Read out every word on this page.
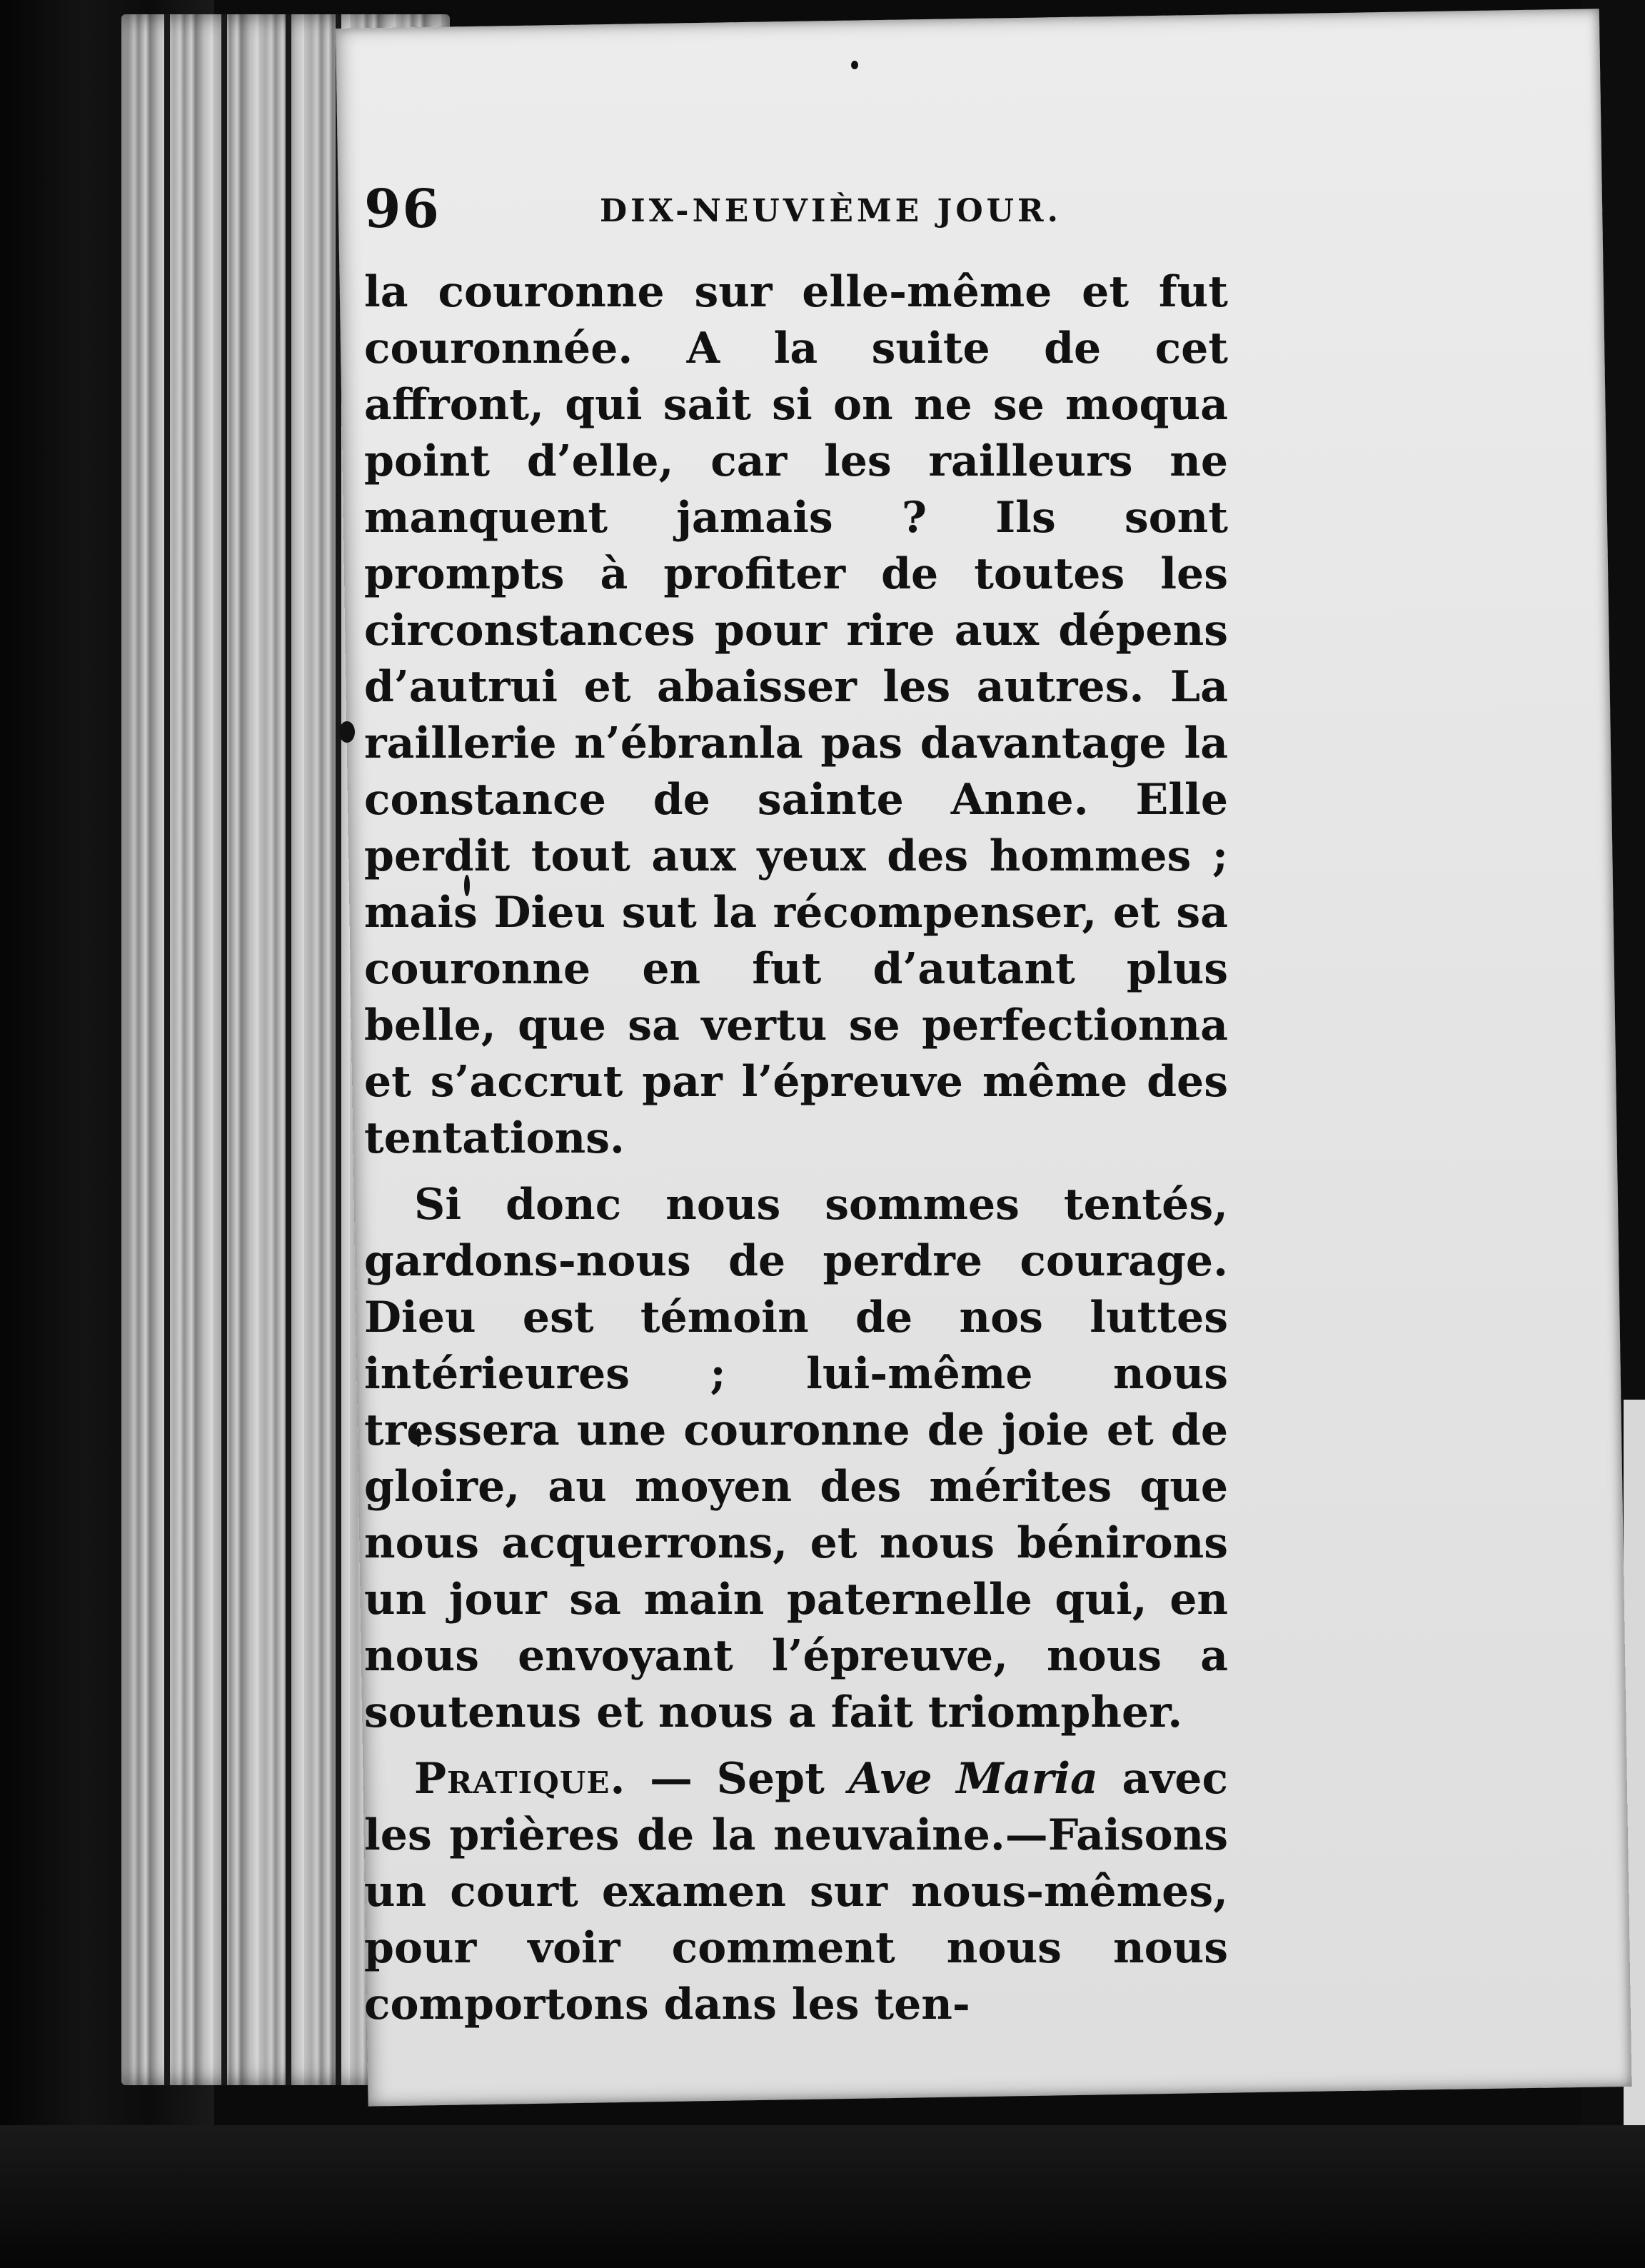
96	DIX-NEUVIÈME JOUR.

la couronne sur elle-même et fut couronnée. A la suite de cet affront, qui sait si on ne se moqua point d’elle, car les railleurs ne manquent jamais ? Ils sont prompts à profiter de toutes les circonstances pour rire aux dépens d’autrui et abaisser les autres. La raillerie n’ébranla pas davantage la constance de sainte Anne. Elle perdit tout aux yeux des hommes ; mais Dieu sut la récompenser, et sa couronne en fut d’autant plus belle, que sa vertu se perfectionna et s’accrut par l’épreuve même des tentations.

Si donc nous sommes tentés, gardons-nous de perdre courage. Dieu est témoin de nos luttes intérieures ; lui-même nous tressera une couronne de joie et de gloire, au moyen des mérites que nous acquerrons, et nous bénirons un jour sa main paternelle qui, en nous envoyant l’épreuve, nous a soutenus et nous a fait triompher.

Pratique. — Sept Ave Maria avec les prières de la neuvaine.—Faisons un court examen sur nous-mêmes, pour voir comment nous nous comportons dans les ten-
